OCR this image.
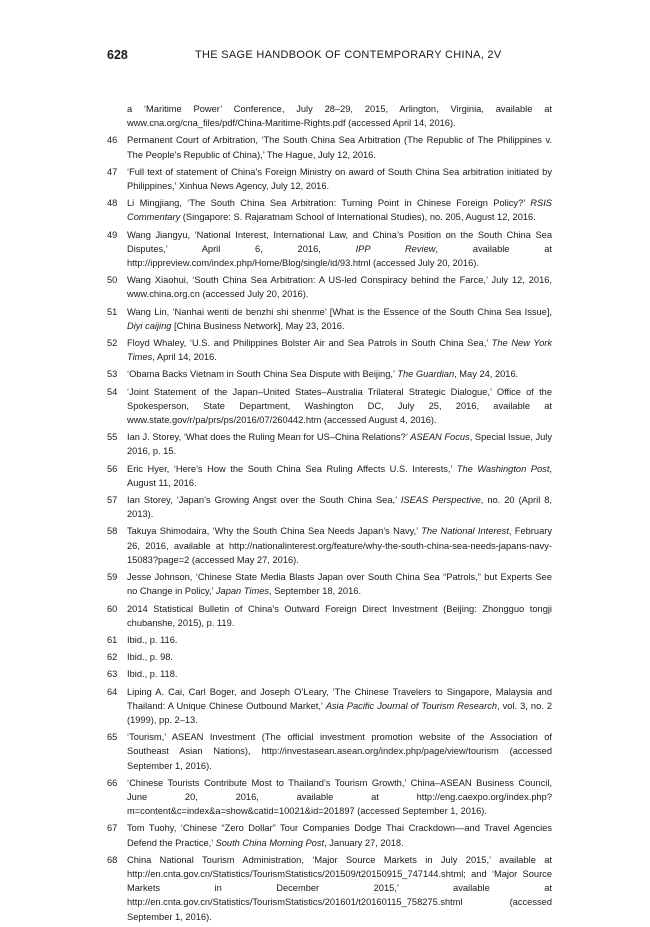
628	THE SAGE HANDBOOK OF CONTEMPORARY CHINA, 2V
a ‘Maritime Power’ Conference, July 28–29, 2015, Arlington, Virginia, available at www.cna.org/cna_files/pdf/China-Maritime-Rights.pdf (accessed April 14, 2016).
46 Permanent Court of Arbitration, ‘The South China Sea Arbitration (The Republic of The Philippines v. The People’s Republic of China),’ The Hague, July 12, 2016.
47 ‘Full text of statement of China’s Foreign Ministry on award of South China Sea arbitration initiated by Philippines,’ Xinhua News Agency, July 12, 2016.
48 Li Mingjiang, ‘The South China Sea Arbitration: Turning Point in Chinese Foreign Policy?’ RSIS Commentary (Singapore: S. Rajaratnam School of International Studies), no. 205, August 12, 2016.
49 Wang Jiangyu, ‘National Interest, International Law, and China’s Position on the South China Sea Disputes,’ April 6, 2016, IPP Review, available at http://ippreview.com/index.php/Home/Blog/single/id/93.html (accessed July 20, 2016).
50 Wang Xiaohui, ‘South China Sea Arbitration: A US-led Conspiracy behind the Farce,’ July 12, 2016, www.china.org.cn (accessed July 20, 2016).
51 Wang Lin, ‘Nanhai wenti de benzhi shi shenme’ [What is the Essence of the South China Sea Issue], Diyi caijing [China Business Network], May 23, 2016.
52 Floyd Whaley, ‘U.S. and Philippines Bolster Air and Sea Patrols in South China Sea,’ The New York Times, April 14, 2016.
53 ‘Obama Backs Vietnam in South China Sea Dispute with Beijing,’ The Guardian, May 24, 2016.
54 ‘Joint Statement of the Japan–United States–Australia Trilateral Strategic Dialogue,’ Office of the Spokesperson, State Department, Washington DC, July 25, 2016, available at www.state.gov/r/pa/prs/ps/2016/07/260442.htm (accessed August 4, 2016).
55 Ian J. Storey, ‘What does the Ruling Mean for US–China Relations?’ ASEAN Focus, Special Issue, July 2016, p. 15.
56 Eric Hyer, ‘Here’s How the South China Sea Ruling Affects U.S. Interests,’ The Washington Post, August 11, 2016.
57 Ian Storey, ‘Japan’s Growing Angst over the South China Sea,’ ISEAS Perspective, no. 20 (April 8, 2013).
58 Takuya Shimodaira, ‘Why the South China Sea Needs Japan’s Navy,’ The National Interest, February 26, 2016, available at http://nationalinterest.org/feature/why-the-south-china-sea-needs-japans-navy-15083?page=2 (accessed May 27, 2016).
59 Jesse Johnson, ‘Chinese State Media Blasts Japan over South China Sea “Patrols,” but Experts See no Change in Policy,’ Japan Times, September 18, 2016.
60 2014 Statistical Bulletin of China’s Outward Foreign Direct Investment (Beijing: Zhongguo tongji chubanshe, 2015), p. 119.
61 Ibid., p. 116.
62 Ibid., p. 98.
63 Ibid., p. 118.
64 Liping A. Cai, Carl Boger, and Joseph O’Leary, ‘The Chinese Travelers to Singapore, Malaysia and Thailand: A Unique Chinese Outbound Market,’ Asia Pacific Journal of Tourism Research, vol. 3, no. 2 (1999), pp. 2–13.
65 ‘Tourism,’ ASEAN Investment (The official investment promotion website of the Association of Southeast Asian Nations), http://investasean.asean.org/index.php/page/view/tourism (accessed September 1, 2016).
66 ‘Chinese Tourists Contribute Most to Thailand’s Tourism Growth,’ China–ASEAN Business Council, June 20, 2016, available at http://eng.caexpo.org/index.php?m=content&c=index&a=show&catid=10021&id=201897 (accessed September 1, 2016).
67 Tom Tuohy, ‘Chinese “Zero Dollar” Tour Companies Dodge Thai Crackdown—and Travel Agencies Defend the Practice,’ South China Morning Post, January 27, 2018.
68 China National Tourism Administration, ‘Major Source Markets in July 2015,’ available at http://en.cnta.gov.cn/Statistics/TourismStatistics/201509/t20150915_747144.shtml; and ‘Major Source Markets in December 2015,’ available at http://en.cnta.gov.cn/Statistics/TourismStatistics/201601/t20160115_758275.shtml (accessed September 1, 2016).
